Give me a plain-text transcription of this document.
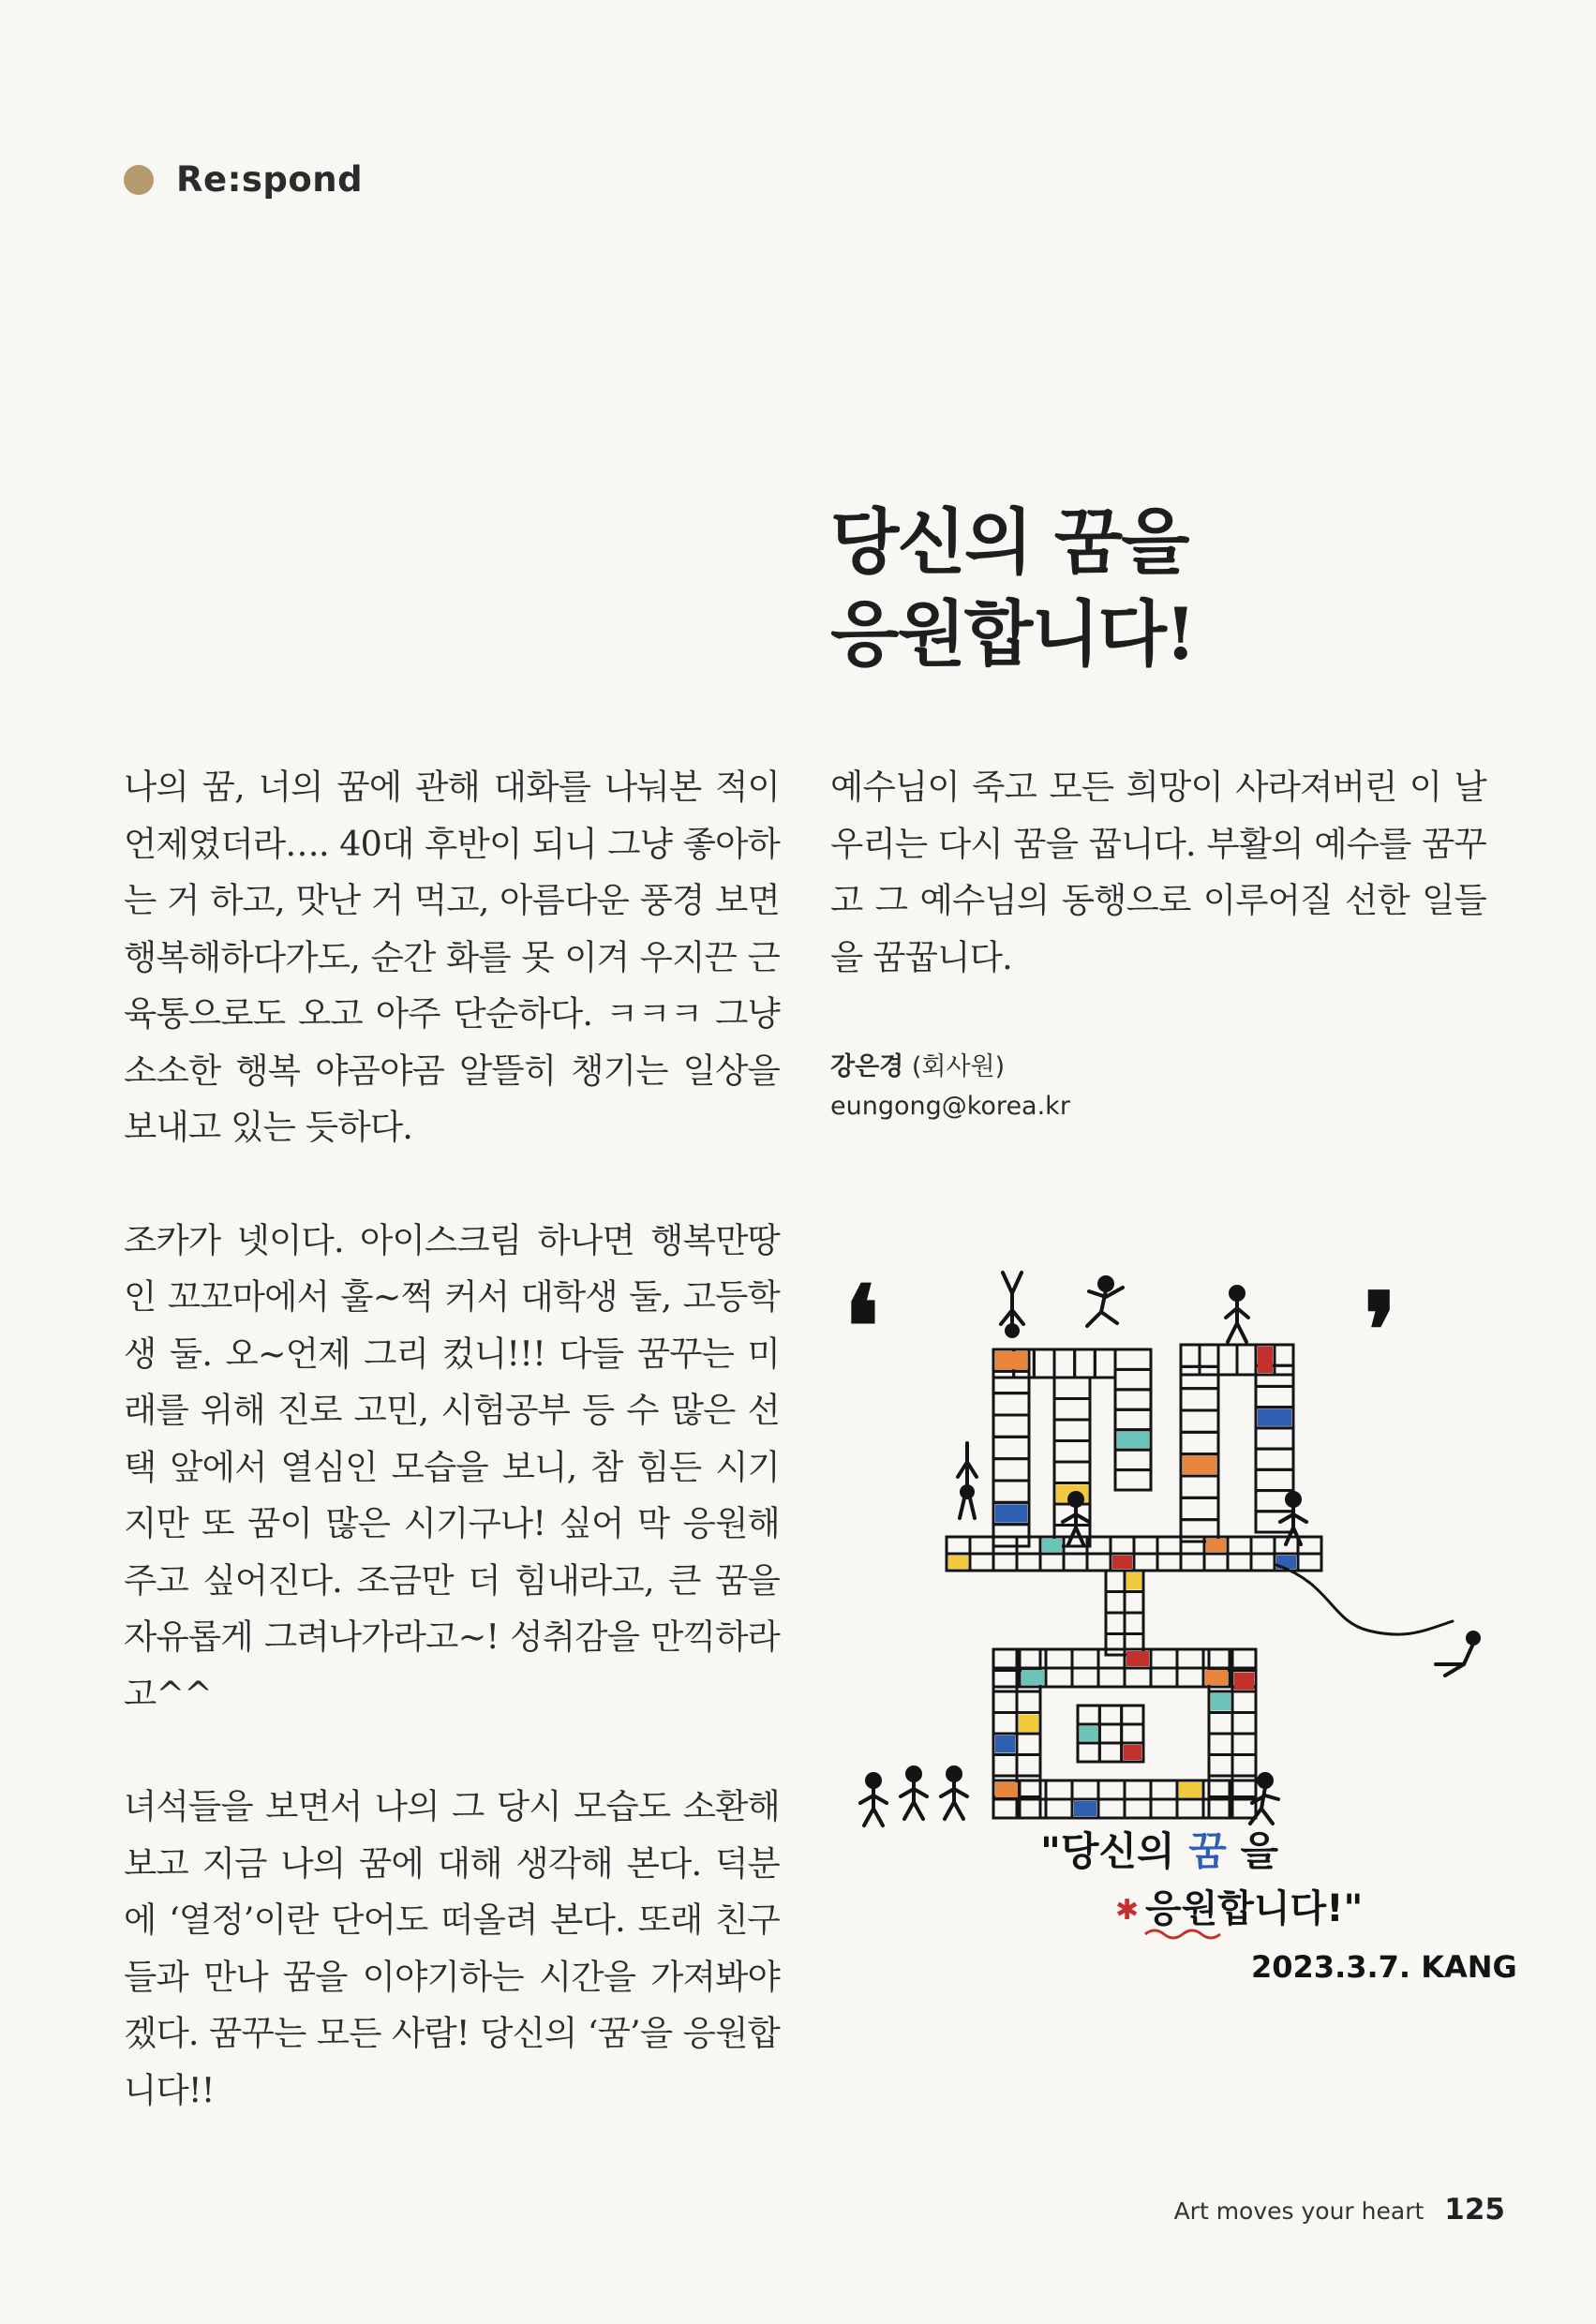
Re:spond
당신의 꿈을
응원합니다!

나의 꿈, 너의 꿈에 관해 대화를 나눠본 적이 언제였더라…. 40대 후반이 되니 그냥 좋아하는 거 하고, 맛난 거 먹고, 아름다운 풍경 보면 행복해하다가도, 순간 화를 못 이겨 우지끈 근육통으로도 오고 아주 단순하다. ㅋㅋㅋ 그냥 소소한 행복 야곰야곰 알뜰히 챙기는 일상을 보내고 있는 듯하다.

조카가 넷이다. 아이스크림 하나면 행복만땅인 꼬꼬마에서 훌~쩍 커서 대학생 둘, 고등학생 둘. 오~언제 그리 컸니!!! 다들 꿈꾸는 미래를 위해 진로 고민, 시험공부 등 수 많은 선택 앞에서 열심인 모습을 보니, 참 힘든 시기지만 또 꿈이 많은 시기구나! 싶어 막 응원해주고 싶어진다. 조금만 더 힘내라고, 큰 꿈을 자유롭게 그려나가라고~! 성취감을 만끽하라고^^

녀석들을 보면서 나의 그 당시 모습도 소환해보고 지금 나의 꿈에 대해 생각해 본다. 덕분에 ‘열정’이란 단어도 떠올려 본다. 또래 친구들과 만나 꿈을 이야기하는 시간을 가져봐야겠다. 꿈꾸는 모든 사람! 당신의 ‘꿈’을 응원합니다!!

예수님이 죽고 모든 희망이 사라져버린 이 날 우리는 다시 꿈을 꿉니다. 부활의 예수를 꿈꾸고 그 예수님의 동행으로 이루어질 선한 일들을 꿈꿉니다.

강은경 (회사원)
eungong@korea.kr
❛	❜
"당신의 꿈 을
✱ 응원합니다!"
2023.3.7. KANG
Art moves your heart 125
